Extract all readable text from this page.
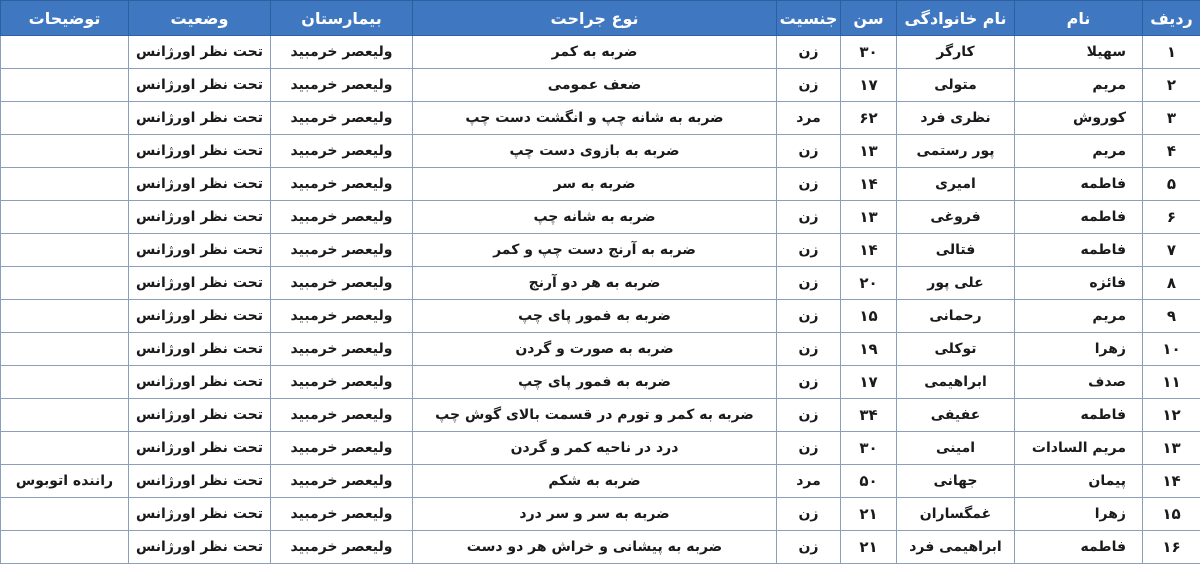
ردیف	نام	نام خانوادگی	سن	جنسیت	نوع جراحت	بیمارستان	وضعیت	توضیحات
۱	سهیلا	کارگر	۳۰	زن	ضربه به کمر	ولیعصر خرمبید	تحت نظر اورژانس	
۲	مریم	متولی	۱۷	زن	ضعف عمومی	ولیعصر خرمبید	تحت نظر اورژانس	
۳	کوروش	نظری فرد	۶۲	مرد	ضربه به شانه چپ و انگشت دست چپ	ولیعصر خرمبید	تحت نظر اورژانس	
۴	مریم	پور رستمی	۱۳	زن	ضربه به بازوی دست چپ	ولیعصر خرمبید	تحت نظر اورژانس	
۵	فاطمه	امیری	۱۴	زن	ضربه به سر	ولیعصر خرمبید	تحت نظر اورژانس	
۶	فاطمه	فروغی	۱۳	زن	ضربه به شانه چپ	ولیعصر خرمبید	تحت نظر اورژانس	
۷	فاطمه	فتالی	۱۴	زن	ضربه به آرنج دست چپ و کمر	ولیعصر خرمبید	تحت نظر اورژانس	
۸	فائزه	علی پور	۲۰	زن	ضربه به هر دو آرنج	ولیعصر خرمبید	تحت نظر اورژانس	
۹	مریم	رحمانی	۱۵	زن	ضربه به فمور پای چپ	ولیعصر خرمبید	تحت نظر اورژانس	
۱۰	زهرا	توکلی	۱۹	زن	ضربه به صورت و گردن	ولیعصر خرمبید	تحت نظر اورژانس	
۱۱	صدف	ابراهیمی	۱۷	زن	ضربه به فمور پای چپ	ولیعصر خرمبید	تحت نظر اورژانس	
۱۲	فاطمه	عفیفی	۳۴	زن	ضربه به کمر و تورم در قسمت بالای گوش چپ	ولیعصر خرمبید	تحت نظر اورژانس	
۱۳	مریم السادات	امینی	۳۰	زن	درد در ناحیه کمر و گردن	ولیعصر خرمبید	تحت نظر اورژانس	
۱۴	پیمان	جهانی	۵۰	مرد	ضربه به شکم	ولیعصر خرمبید	تحت نظر اورژانس	راننده اتوبوس
۱۵	زهرا	غمگساران	۲۱	زن	ضربه به سر و سر درد	ولیعصر خرمبید	تحت نظر اورژانس	
۱۶	فاطمه	ابراهیمی فرد	۲۱	زن	ضربه به پیشانی و خراش هر دو دست	ولیعصر خرمبید	تحت نظر اورژانس	
